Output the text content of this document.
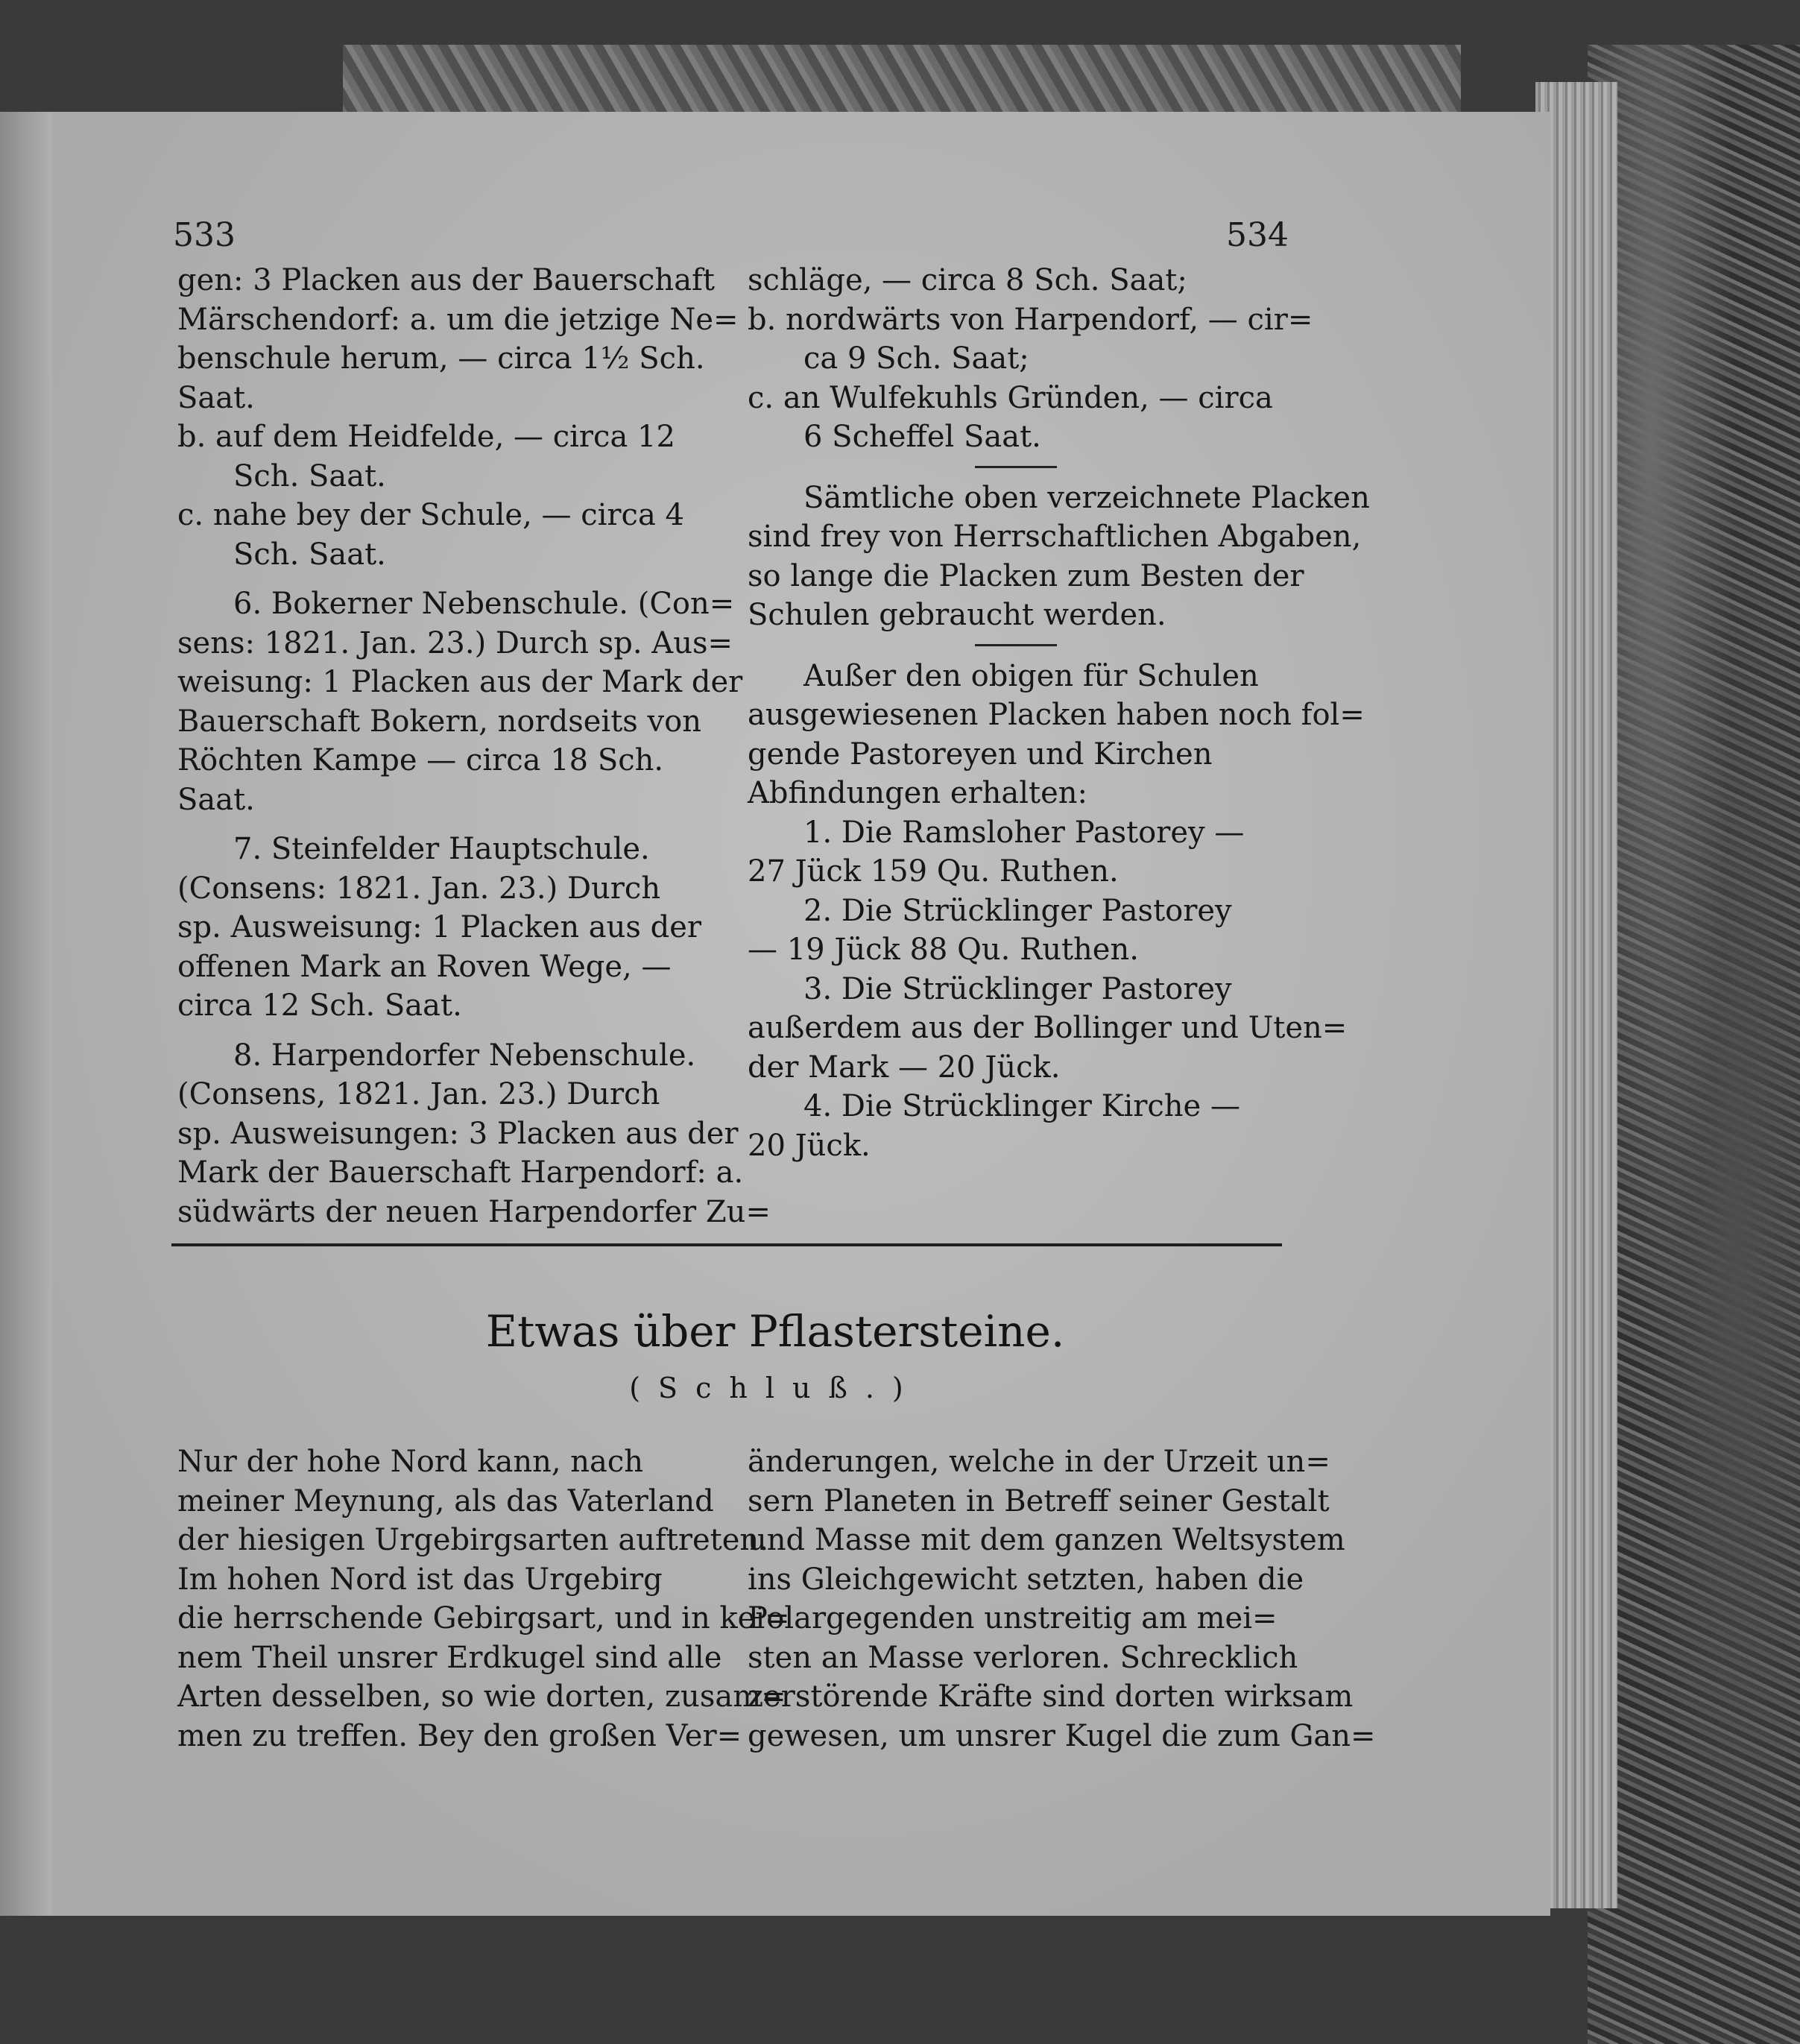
533	534
gen: 3 Placken aus der Bauerschaft
Märschendorf: a. um die jetzige Ne=
benschule herum, — circa 1½ Sch.
Saat.
b. auf dem Heidfelde, — circa 12
Sch. Saat.
c. nahe bey der Schule, — circa 4
Sch. Saat.
6. Bokerner Nebenschule. (Con=
sens: 1821. Jan. 23.) Durch sp. Aus=
weisung: 1 Placken aus der Mark der
Bauerschaft Bokern, nordseits von
Röchten Kampe — circa 18 Sch.
Saat.
7. Steinfelder Hauptschule.
(Consens: 1821. Jan. 23.) Durch
sp. Ausweisung: 1 Placken aus der
offenen Mark an Roven Wege, —
circa 12 Sch. Saat.
8. Harpendorfer Nebenschule.
(Consens, 1821. Jan. 23.) Durch
sp. Ausweisungen: 3 Placken aus der
Mark der Bauerschaft Harpendorf: a.
südwärts der neuen Harpendorfer Zu=
schläge, — circa 8 Sch. Saat;
b. nordwärts von Harpendorf, — cir=
ca 9 Sch. Saat;
c. an Wulfekuhls Gründen, — circa
6 Scheffel Saat.
Sämtliche oben verzeichnete Placken
sind frey von Herrschaftlichen Abgaben,
so lange die Placken zum Besten der
Schulen gebraucht werden.
Außer den obigen für Schulen
ausgewiesenen Placken haben noch fol=
gende Pastoreyen und Kirchen
Abfindungen erhalten:
1. Die Ramsloher Pastorey —
27 Jück 159 Qu. Ruthen.
2. Die Strücklinger Pastorey
— 19 Jück 88 Qu. Ruthen.
3. Die Strücklinger Pastorey
außerdem aus der Bollinger und Uten=
der Mark — 20 Jück.
4. Die Strücklinger Kirche —
20 Jück.
Etwas über Pflastersteine.
(Schluß.)
Nur der hohe Nord kann, nach
meiner Meynung, als das Vaterland
der hiesigen Urgebirgsarten auftreten.
Im hohen Nord ist das Urgebirg
die herrschende Gebirgsart, und in kei=
nem Theil unsrer Erdkugel sind alle
Arten desselben, so wie dorten, zusam=
men zu treffen. Bey den großen Ver=
änderungen, welche in der Urzeit un=
sern Planeten in Betreff seiner Gestalt
und Masse mit dem ganzen Weltsystem
ins Gleichgewicht setzten, haben die
Polargegenden unstreitig am mei=
sten an Masse verloren. Schrecklich
zerstörende Kräfte sind dorten wirksam
gewesen, um unsrer Kugel die zum Gan=
